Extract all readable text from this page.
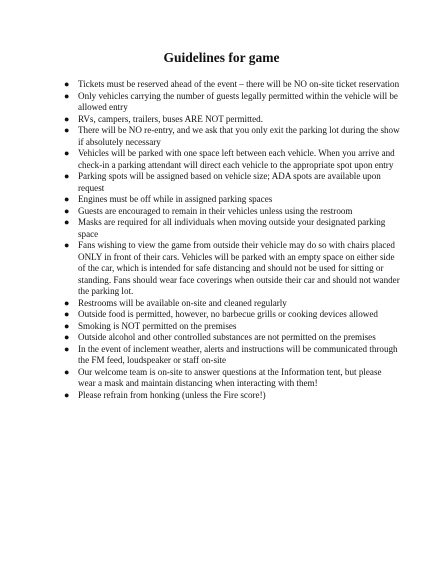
Guidelines for game
● Tickets must be reserved ahead of the event – there will be NO on-site ticket reservation
● Only vehicles carrying the number of guests legally permitted within the vehicle will be allowed entry
● RVs, campers, trailers, buses ARE NOT permitted.
● There will be NO re-entry, and we ask that you only exit the parking lot during the show if absolutely necessary
● Vehicles will be parked with one space left between each vehicle. When you arrive and check-in a parking attendant will direct each vehicle to the appropriate spot upon entry
● Parking spots will be assigned based on vehicle size; ADA spots are available upon request
● Engines must be off while in assigned parking spaces
● Guests are encouraged to remain in their vehicles unless using the restroom
● Masks are required for all individuals when moving outside your designated parking space
● Fans wishing to view the game from outside their vehicle may do so with chairs placed ONLY in front of their cars. Vehicles will be parked with an empty space on either side of the car, which is intended for safe distancing and should not be used for sitting or standing. Fans should wear face coverings when outside their car and should not wander the parking lot.
● Restrooms will be available on-site and cleaned regularly
● Outside food is permitted, however, no barbecue grills or cooking devices allowed
● Smoking is NOT permitted on the premises
● Outside alcohol and other controlled substances are not permitted on the premises
● In the event of inclement weather, alerts and instructions will be communicated through the FM feed, loudspeaker or staff on-site
● Our welcome team is on-site to answer questions at the Information tent, but please wear a mask and maintain distancing when interacting with them!
● Please refrain from honking (unless the Fire score!)
